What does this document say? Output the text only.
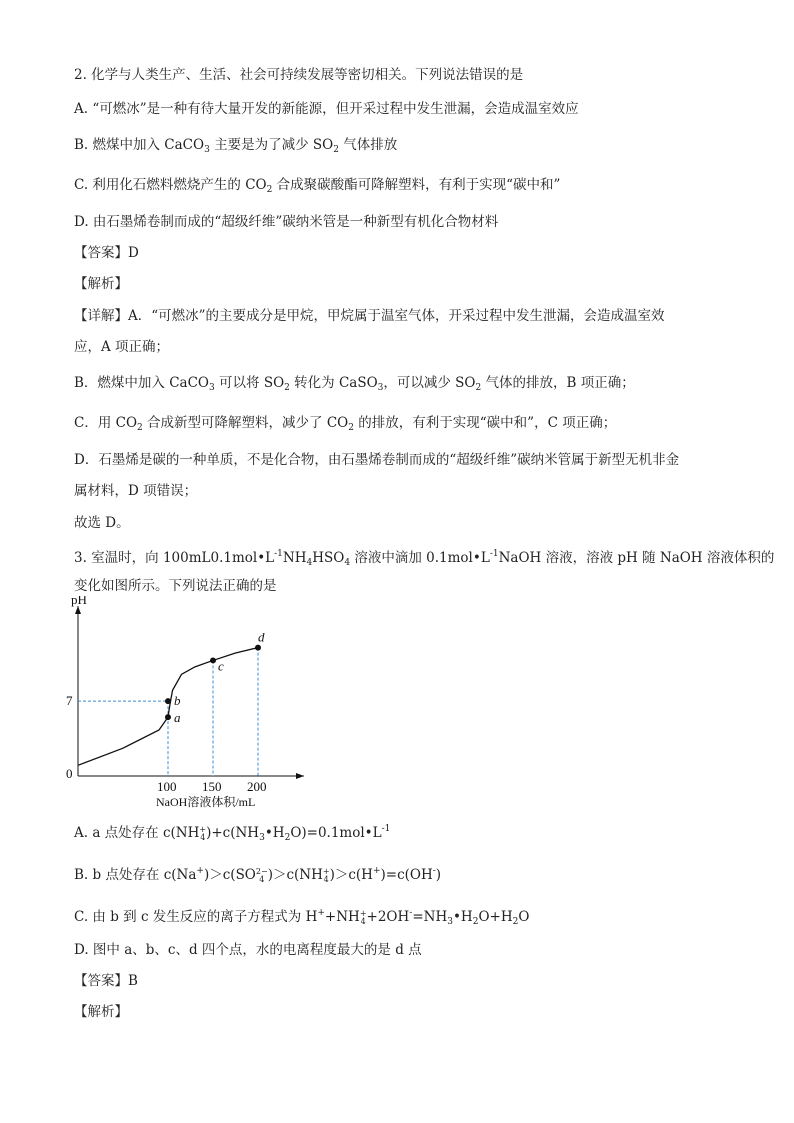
2. 化学与人类生产、生活、社会可持续发展等密切相关。下列说法错误的是
A. “可燃冰”是一种有待大量开发的新能源，但开采过程中发生泄漏，会造成温室效应
B. 燃煤中加入 CaCO$_3$ 主要是为了减少 $SO_2$ 气体排放
C. 利用化石燃料燃烧产生的 $CO_2$ 合成聚碳酸酯可降解塑料，有利于实现“碳中和”
D. 由石墨烯卷制而成的“超级纤维”碳纳米管是一种新型有机化合物材料
【答案】D
【解析】
【详解】A．“可燃冰”的主要成分是甲烷，甲烷属于温室气体，开采过程中发生泄漏，会造成温室效
应，A 项正确；
B．燃煤中加入 CaCO$_3$ 可以将 $SO_2$ 转化为 CaSO$_3$，可以减少 $SO_2$ 气体的排放，B 项正确；
C．用 $CO_2$ 合成新型可降解塑料，减少了 $CO_2$ 的排放，有利于实现“碳中和”，C 项正确；
D．石墨烯是碳的一种单质，不是化合物，由石墨烯卷制而成的“超级纤维”碳纳米管属于新型无机非金
属材料，D 项错误；
故选 D。
3. 室温时，向 $100mL0.1mol•L^{-1}NH_4HSO_4$ 溶液中滴加 $0.1mol•L^{-1}NaOH$ 溶液，溶液 pH 随 NaOH 溶液体积的
变化如图所示。下列说法正确的是
a
b
c
d
pH
0
7
100 150 200
NaOH溶液体积/mL
A. a 点处存在 c(NH+
$4)+c(NH_3•H_2O)=0.1mol•L^{-1}$
B. b 点处存在 c(Na+)＞c(SO2−
4 )＞c(NH+
4)＞c(H+)=c(OH-)
C. 由 b 到 c 发生反应的离子方程式为 H++NH+
$4+2OH^-=NH_3•H_2O+H_2O$
D. 图中 a、b、c、d 四个点，水的电离程度最大的是 d 点
【答案】B
【解析】
